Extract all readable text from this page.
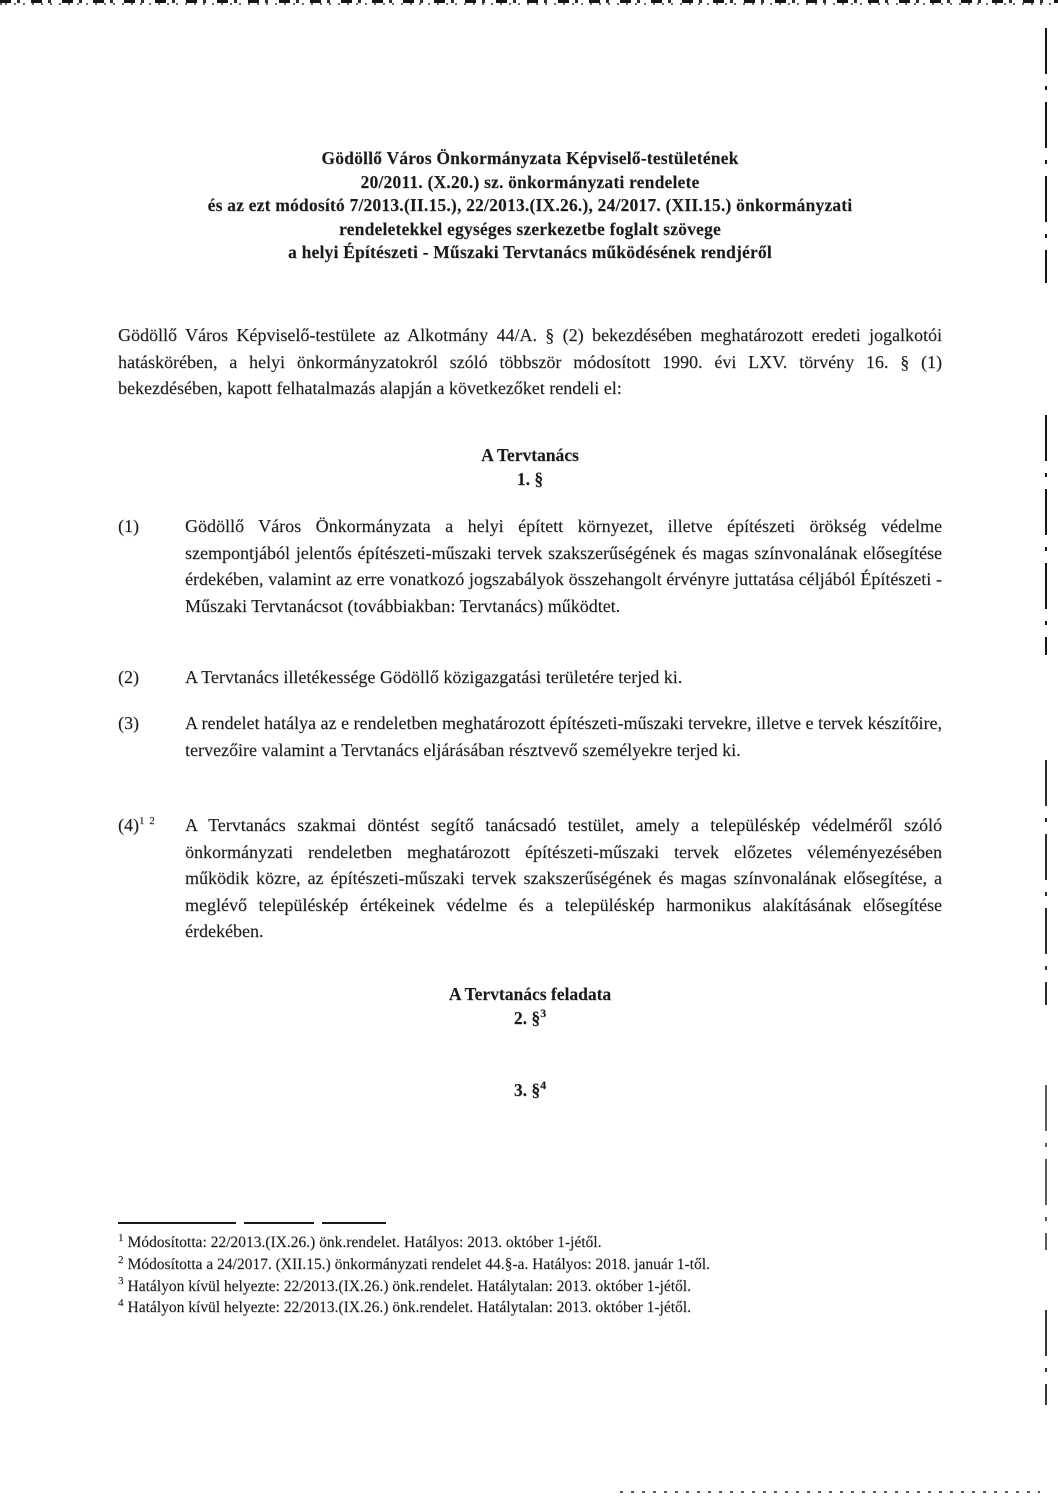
Gödöllő Város Önkormányzata Képviselő-testületének
20/2011. (X.20.) sz. önkormányzati rendelete
és az ezt módosító 7/2013.(II.15.), 22/2013.(IX.26.), 24/2017. (XII.15.) önkormányzati
rendeletekkel egységes szerkezetbe foglalt szövege
a helyi Építészeti - Műszaki Tervtanács működésének rendjéről
Gödöllő Város Képviselő-testülete az Alkotmány 44/A. § (2) bekezdésében meghatározott eredeti jogalkotói hatáskörében, a helyi önkormányzatokról szóló többször módosított 1990. évi LXV. törvény 16. § (1) bekezdésében, kapott felhatalmazás alapján a következőket rendeli el:
A Tervtanács
1. §
(1)	Gödöllő Város Önkormányzata a helyi épített környezet, illetve építészeti örökség védelme szempontjából jelentős építészeti-műszaki tervek szakszerűségének és magas színvonalának elősegítése érdekében, valamint az erre vonatkozó jogszabályok összehangolt érvényre juttatása céljából Építészeti - Műszaki Tervtanácsot (továbbiakban: Tervtanács) működtet.
(2)	A Tervtanács illetékessége Gödöllő közigazgatási területére terjed ki.
(3)	A rendelet hatálya az e rendeletben meghatározott építészeti-műszaki tervekre, illetve e tervek készítőire, tervezőire valamint a Tervtanács eljárásában résztvevő személyekre terjed ki.
$(4)^{1 2}$ A Tervtanács szakmai döntést segítő tanácsadó testület, amely a településkép védelméről szóló önkormányzati rendeletben meghatározott építészeti-műszaki tervek előzetes véleményezésében működik közre, az építészeti-műszaki tervek szakszerűségének és magas színvonalának elősegítése, a meglévő településkép értékeinek védelme és a településkép harmonikus alakításának elősegítése érdekében.
A Tervtanács feladata
2. §$^3$
3. §$^4$
$^1$ Módosította: 22/2013.(IX.26.) önk.rendelet. Hatályos: 2013. október 1-jétől.
$^2$ Módosította a 24/2017. (XII.15.) önkormányzati rendelet 44.§-a. Hatályos: 2018. január 1-től.
$^3$ Hatályon kívül helyezte: 22/2013.(IX.26.) önk.rendelet. Hatálytalan: 2013. október 1-jétől.
$^4$ Hatályon kívül helyezte: 22/2013.(IX.26.) önk.rendelet. Hatálytalan: 2013. október 1-jétől.
